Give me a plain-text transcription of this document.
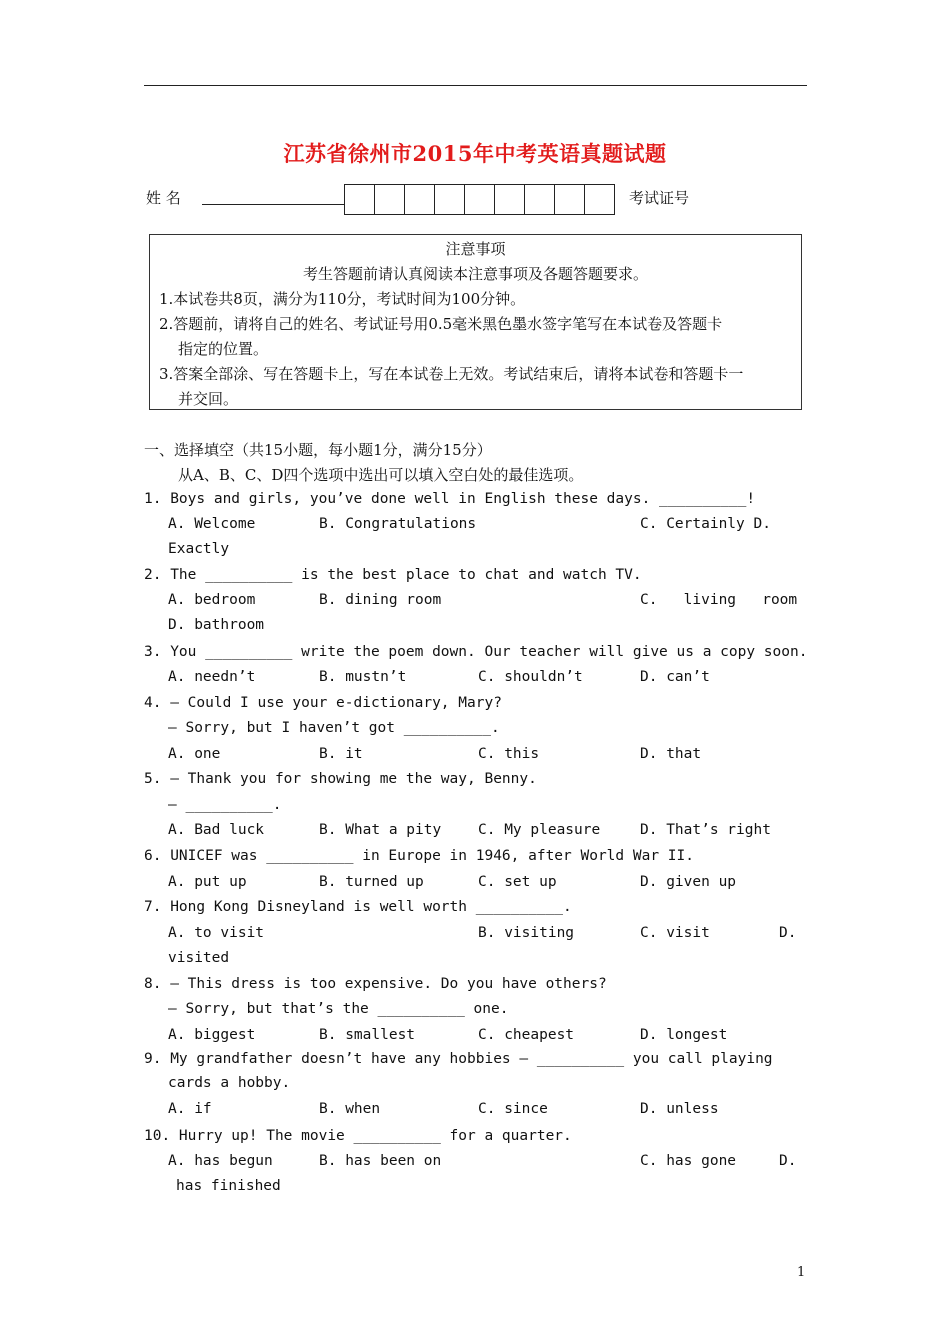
江苏省徐州市2015年中考英语真题试题
姓 名	考试证号
注意事项
考生答题前请认真阅读本注意事项及各题答题要求。
1.本试卷共8页，满分为110分，考试时间为100分钟。
2.答题前，请将自己的姓名、考试证号用0.5毫米黑色墨水签字笔写在本试卷及答题卡
指定的位置。
3.答案全部涂、写在答题卡上，写在本试卷上无效。考试结束后，请将本试卷和答题卡一
并交回。
一、选择填空（共15小题，每小题1分，满分15分）
从A、B、C、D四个选项中选出可以填入空白处的最佳选项。
1. Boys and girls, you’ve done well in English these days. __________!
A. Welcome	B. Congratulations	C. Certainly D.
Exactly
2. The __________ is the best place to chat and watch TV.
A. bedroom	B. dining room	C.   living   room
D. bathroom
3. You __________ write the poem down. Our teacher will give us a copy soon.
A. needn’t	B. mustn’t	C. shouldn’t	D. can’t
4. — Could I use your e-dictionary, Mary?
— Sorry, but I haven’t got __________.
A. one	B. it	C. this	D. that
5. — Thank you for showing me the way, Benny.
— __________.
A. Bad luck	B. What a pity	C. My pleasure	D. That’s right
6. UNICEF was __________ in Europe in 1946, after World War II.
A. put up	B. turned up	C. set up	D. given up
7. Hong Kong Disneyland is well worth __________.
A. to visit	B. visiting	C. visit	D.
visited
8. — This dress is too expensive. Do you have others?
— Sorry, but that’s the __________ one.
A. biggest	B. smallest	C. cheapest	D. longest
9. My grandfather doesn’t have any hobbies — __________ you call playing
cards a hobby.
A. if	B. when	C. since	D. unless
10. Hurry up! The movie __________ for a quarter.
A. has begun	B. has been on	C. has gone	D.
has finished
1
